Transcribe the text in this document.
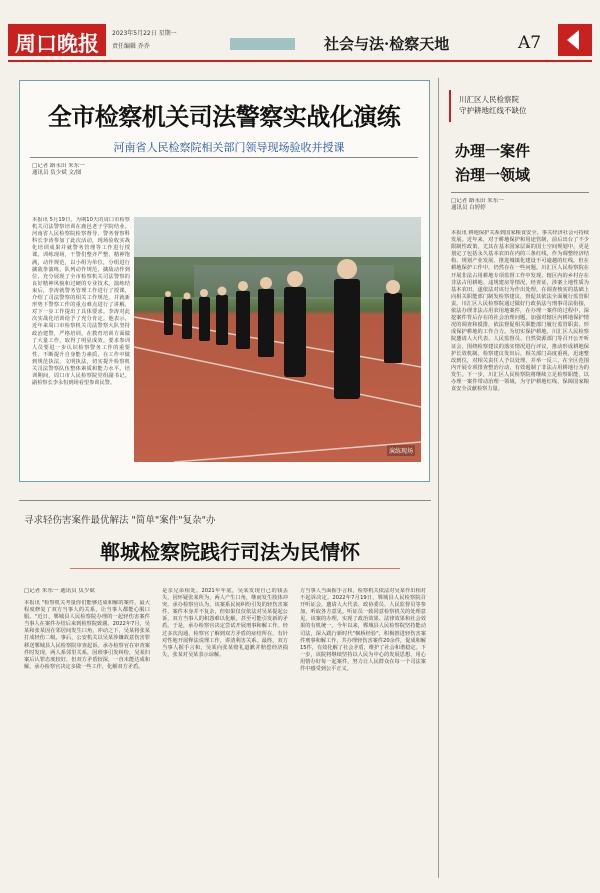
周口晚报	2023年5月22日 星期一
责任编辑 乔乔	社会与法·检察天地	A7
全市检察机关司法警察实战化演练
河南省人民检察院相关部门领导现场验收并授课
□记者 路永田 朱东一
通讯员 负少斌 文/图
本报讯 5月19日，为期10天的周口市检察机关司法警察培训在鹿邑老子学院结业。河南省人民检察院检察督导、警务督察科科长李涛参加了此次活动，现场验收实战化培训成果并就警务管理等工作进行授课。训练现场，干警们整齐严整、精神饱满，动作规范，以小组为单位，分组进行擒敌拳演练，队列动作规范、擒敌动作到位，充分展现了全市检察机关司法警察的良好精神风貌和过硬的专业技术。演练结束后，李涛就警务管理工作进行了授课，介绍了司法警察的相关工作规范，并就新形势下警察工作的重点难点进行了讲解，对下一步工作提出了具体要求。李涛对此次实战化培训给予了充分肯定。他表示，近年来周口市检察机关司法警察大队坚持政治建警，严格培训，在教育培训方面做了大量工作，取得了明显成效。要求参训人员要进一步认识检察警务工作的重要性，不断提升自身能力素质，在工作中做到规范执法、文明执法，切实提升检察机关司法警察队伍整体素质和能力水平。培训期间，周口市人民检察院党组副书记、副检察长李永恒到场看望参训民警。
演练现场
川汇区人民检察院
守护耕地红线不缺位
办理一案件
治理一领域
□记者 路永田 朱东一
通讯员 白婷婷
本报讯 耕地保护关系到国家粮食安全。事关经济社会可持续发展。近年来，对于耕地保护和用途管制，前后出台了不少限制性政策，尤其在基本国家层面的国土空间规划中，更是划定了包括永久基本农田在内的三条红线，作为调整经济结构、规划产业发展、推进城镇化建设不可逾越的红线。但在耕地保护工作中，仍然存在一些问题。川汇区人民检察院在开展非法占用耕地专项监督工作中发现，辖区内的乡村存在非法占用耕地、违规建房等情况，经查证，涉案土地性质为基本农田，遂依法对该行为作出处理，在调查核实的基础上向相关职能部门制发检察建议，督促其依法全面履行监管职责。川汇区人民检察院通过做好行政执法与刑事司法衔接，依法办理非法占用农用地案件，在办理一案件的过程中，深挖案件背后存在的社会治理问题，加强对辖区内耕地保护情况的调查和摸排，依法督促相关职能部门履行监管职责，形成保护耕地的工作合力。为切实保护耕地，川汇区人民检察院邀请人大代表、人民监督员、自然资源部门等召开公开听证会，围绕检察建议的落实情况进行评议，推动形成耕地保护长效机制。检察建议发出后，相关部门高度重视，迅速整改到位，对相关责任人予以处理，并举一反三，在全区范围内开展专项排查整治行动，有效遏制了非法占用耕地行为的发生。下一步，川汇区人民检察院将继续立足检察职能，以办理一案件带动治理一领域，为守护耕地红线、保障国家粮食安全贡献检察力量。
寻求轻伤害案件最优解法 "简单"案件"复杂"办
郸城检察院践行司法为民情怀
□记者 朱东一 通讯员 负少斌
本报讯 "检察机关考量你们能够达成和解的案件，最大程度修复了双方当事人的关系，让当事人都能心服口服。"近日，郸城县人民检察院办理的一起轻伤害案件当事人在案件办结后来到检察院致谢。2022年7月，吴某和张某因在邻居间发生口角，冲动之下，吴某将张某打成轻伤二级。事后，公安机关以吴某涉嫌故意伤害罪移送郸城县人民检察院审查起诉。承办检察官在审查案件时发现，两人系邻里关系，因琐事引发纠纷，吴某归案后认罪态度较好，但双方矛盾较深，一直未能达成和解。承办检察官决定多做一些工作，化解双方矛盾。
是亲兄弟相处。2021年年底，吴某发现自己的钱丢失，因怀疑张某所为，两人产生口角，继而发生肢体冲突。承办检察官认为，该案系民间纠纷引发的轻伤害案件，案件本身并不复杂，但如果仅仅依法对吴某提起公诉，双方当事人的积怨难以化解，甚至可能引发新的矛盾。于是，承办检察官决定尝试开展刑事和解工作。经过多次沟通，检察官了解到双方矛盾的症结所在，有针对性地开展释法说理工作，讲清利害关系。最终，双方当事人握手言和，吴某向张某赔礼道歉并赔偿经济损失，张某对吴某表示谅解。
方当事人当面握手言和，检察机关依法对吴某作出相对不起诉决定。2022年7月19日，郸城县人民检察院召开听证会，邀请人大代表、政协委员、人民监督员等参加，听取各方意见。听证员一致同意检察机关的处理意见。该案的办理，实现了政治效果、法律效果和社会效果的有机统一。今年以来，郸城县人民检察院坚持能动司法，深入践行新时代"枫桥经验"，积极推进轻伤害案件刑事和解工作，共办理轻伤害案件20余件，促成和解15件，有效化解了社会矛盾，维护了社会和谐稳定。下一步，该院将继续坚持以人民为中心的发展思想，用心用情办好每一起案件，努力让人民群众在每一个司法案件中感受到公平正义。
